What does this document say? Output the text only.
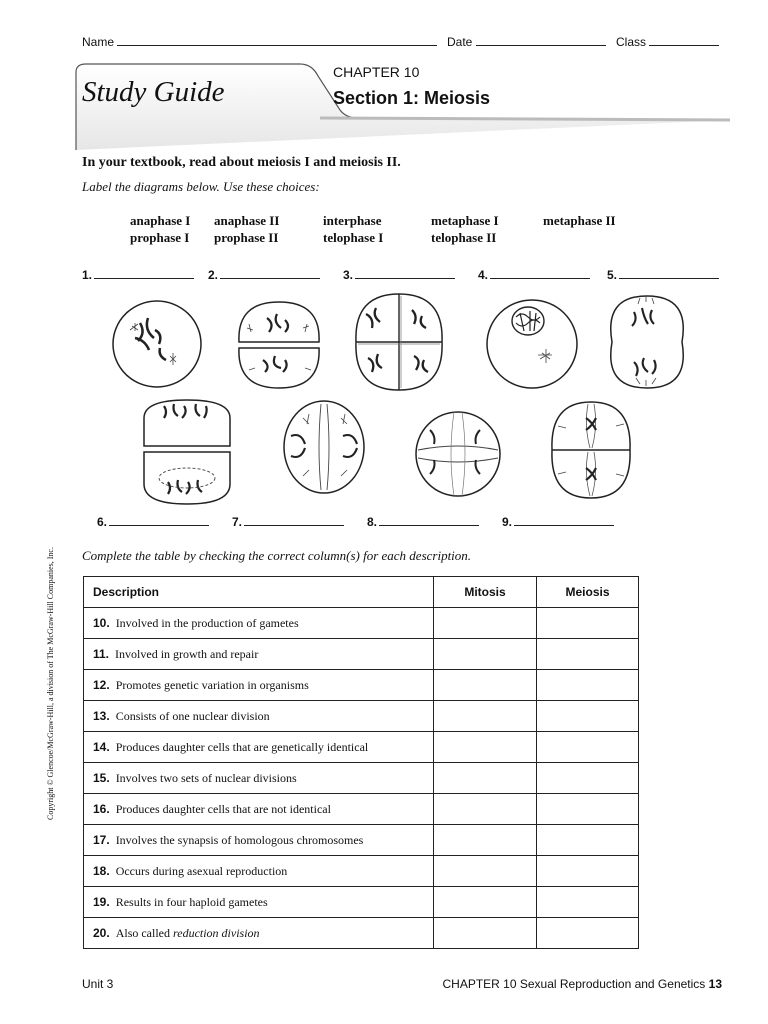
Name	Date	Class
Study Guide
CHAPTER 10
Section 1: Meiosis
In your textbook, read about meiosis I and meiosis II.
Label the diagrams below. Use these choices:
anaphase I
prophase I
anaphase II
prophase II
interphase
telophase I
metaphase I
telophase II
metaphase II
1.	2.	3.	4.	5.
6.	7.	8.	9.
Complete the table by checking the correct column(s) for each description.
Description	Mitosis	Meiosis
10. Involved in the production of gametes		
11. Involved in growth and repair		
12. Promotes genetic variation in organisms		
13. Consists of one nuclear division		
14. Produces daughter cells that are genetically identical		
15. Involves two sets of nuclear divisions		
16. Produces daughter cells that are not identical		
17. Involves the synapsis of homologous chromosomes		
18. Occurs during asexual reproduction		
19. Results in four haploid gametes		
20. Also called reduction division		
Copyright © Glencoe/McGraw-Hill, a division of The McGraw-Hill Companies, Inc.
Unit 3	CHAPTER 10 Sexual Reproduction and Genetics 13
